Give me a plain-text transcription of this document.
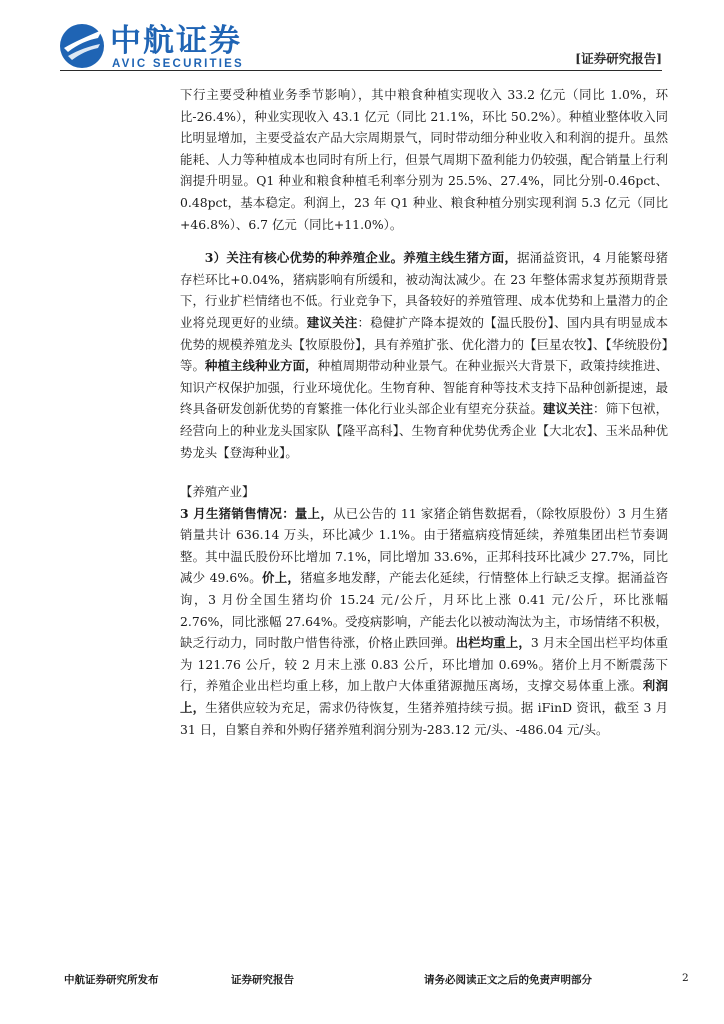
中航证券
AVIC SECURITIES	[证券研究报告]

下行主要受种植业务季节影响），其中粮食种植实现收入 33.2 亿元（同比 1.0%，环比-26.4%），种业实现收入 43.1 亿元（同比 21.1%，环比 50.2%）。种植业整体收入同比明显增加，主要受益农产品大宗周期景气，同时带动细分种业收入和利润的提升。虽然能耗、人力等种植成本也同时有所上行，但景气周期下盈利能力仍较强，配合销量上行利润提升明显。Q1 种业和粮食种植毛利率分别为 25.5%、27.4%，同比分别-0.46pct、0.48pct，基本稳定。利润上，23 年 Q1 种业、粮食种植分别实现利润 5.3 亿元（同比+46.8%）、6.7 亿元（同比+11.0%）。

3）关注有核心优势的种养殖企业。养殖主线生猪方面，据涌益资讯，4 月能繁母猪存栏环比+0.04%，猪病影响有所缓和，被动淘汰减少。在 23 年整体需求复苏预期背景下，行业扩栏情绪也不低。行业竞争下，具备较好的养殖管理、成本优势和上量潜力的企业将兑现更好的业绩。建议关注：稳健扩产降本提效的【温氏股份】、国内具有明显成本优势的规模养殖龙头【牧原股份】，具有养殖扩张、优化潜力的【巨星农牧】、【华统股份】等。种植主线种业方面，种植周期带动种业景气。在种业振兴大背景下，政策持续推进、知识产权保护加强，行业环境优化。生物育种、智能育种等技术支持下品种创新提速，最终具备研发创新优势的育繁推一体化行业头部企业有望充分获益。建议关注：筛下包袱，经营向上的种业龙头国家队【隆平高科】、生物育种优势优秀企业【大北农】、玉米品种优势龙头【登海种业】。

【养殖产业】

3 月生猪销售情况：量上，从已公告的 11 家猪企销售数据看，（除牧原股份）3 月生猪销量共计 636.14 万头，环比减少 1.1%。由于猪瘟病疫情延续，养殖集团出栏节奏调整。其中温氏股份环比增加 7.1%，同比增加 33.6%，正邦科技环比减少 27.7%，同比减少 49.6%。价上，猪瘟多地发酵，产能去化延续，行情整体上行缺乏支撑。据涌益咨询，3 月份全国生猪均价 15.24 元/公斤，月环比上涨 0.41 元/公斤，环比涨幅 2.76%，同比涨幅 27.64%。受疫病影响，产能去化以被动淘汰为主，市场情绪不积极，缺乏行动力，同时散户惜售待涨，价格止跌回弹。出栏均重上，3 月末全国出栏平均体重为 121.76 公斤，较 2 月末上涨 0.83 公斤，环比增加 0.69%。猪价上月不断震荡下行，养殖企业出栏均重上移，加上散户大体重猪源抛压离场，支撑交易体重上涨。利润上，生猪供应较为充足，需求仍待恢复，生猪养殖持续亏损。据 iFinD 资讯，截至 3 月 31 日，自繁自养和外购仔猪养殖利润分别为-283.12 元/头、-486.04 元/头。

中航证券研究所发布	证券研究报告	请务必阅读正文之后的免责声明部分	2
